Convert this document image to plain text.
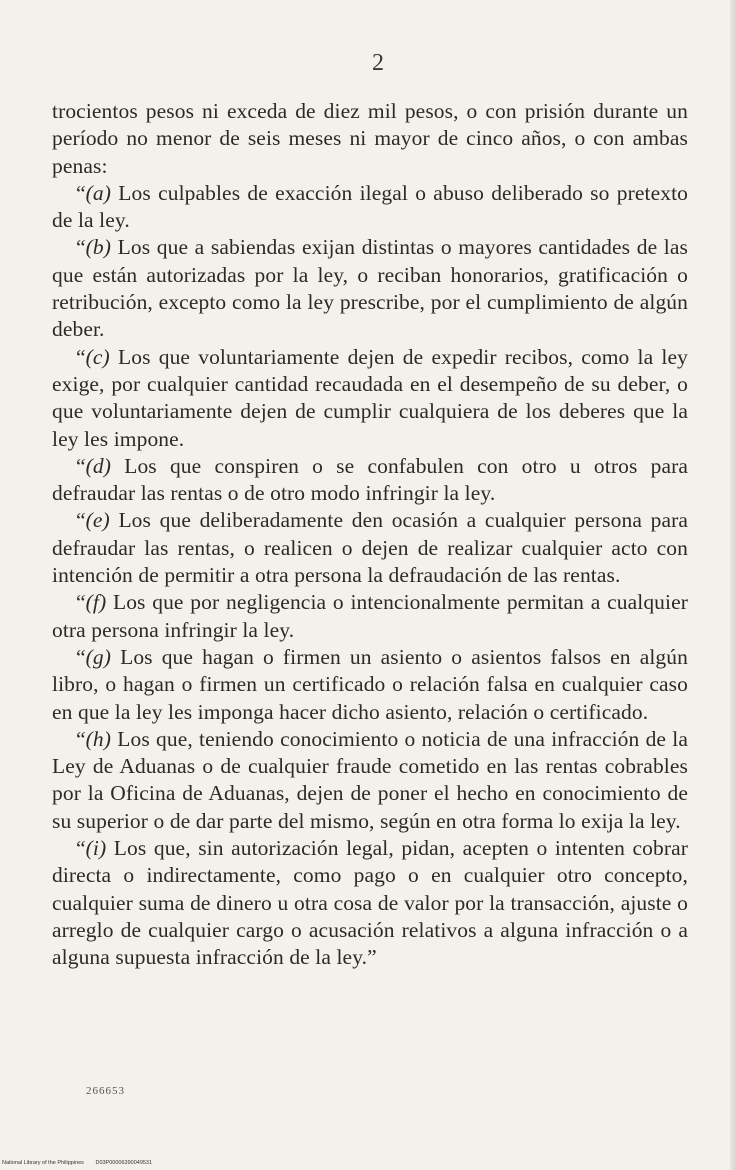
2

trocientos pesos ni exceda de diez mil pesos, o con prisión durante un período no menor de seis meses ni mayor de cinco años, o con ambas penas:

“(a) Los culpables de exacción ilegal o abuso deliberado so pretexto de la ley.

“(b) Los que a sabiendas exijan distintas o mayores cantidades de las que están autorizadas por la ley, o reciban honorarios, gratificación o retribución, excepto como la ley prescribe, por el cumplimiento de algún deber.

“(c) Los que voluntariamente dejen de expedir recibos, como la ley exige, por cualquier cantidad recaudada en el desempeño de su deber, o que voluntariamente dejen de cumplir cualquiera de los deberes que la ley les impone.

“(d) Los que conspiren o se confabulen con otro u otros para defraudar las rentas o de otro modo infringir la ley.

“(e) Los que deliberadamente den ocasión a cualquier persona para defraudar las rentas, o realicen o dejen de realizar cualquier acto con intención de permitir a otra persona la defraudación de las rentas.

“(f) Los que por negligencia o intencionalmente permitan a cualquier otra persona infringir la ley.

“(g) Los que hagan o firmen un asiento o asientos falsos en algún libro, o hagan o firmen un certificado o relación falsa en cualquier caso en que la ley les imponga hacer dicho asiento, relación o certificado.

“(h) Los que, teniendo conocimiento o noticia de una infracción de la Ley de Aduanas o de cualquier fraude cometido en las rentas cobrables por la Oficina de Aduanas, dejen de poner el hecho en conocimiento de su superior o de dar parte del mismo, según en otra forma lo exija la ley.

“(i) Los que, sin autorización legal, pidan, acepten o intenten cobrar directa o indirectamente, como pago o en cualquier otro concepto, cualquier suma de dinero u otra cosa de valor por la transacción, ajuste o arreglo de cualquier cargo o acusación relativos a alguna infracción o a alguna supuesta infracción de la ley.”

266653
National Library of the Philippines D03P00006390049531
